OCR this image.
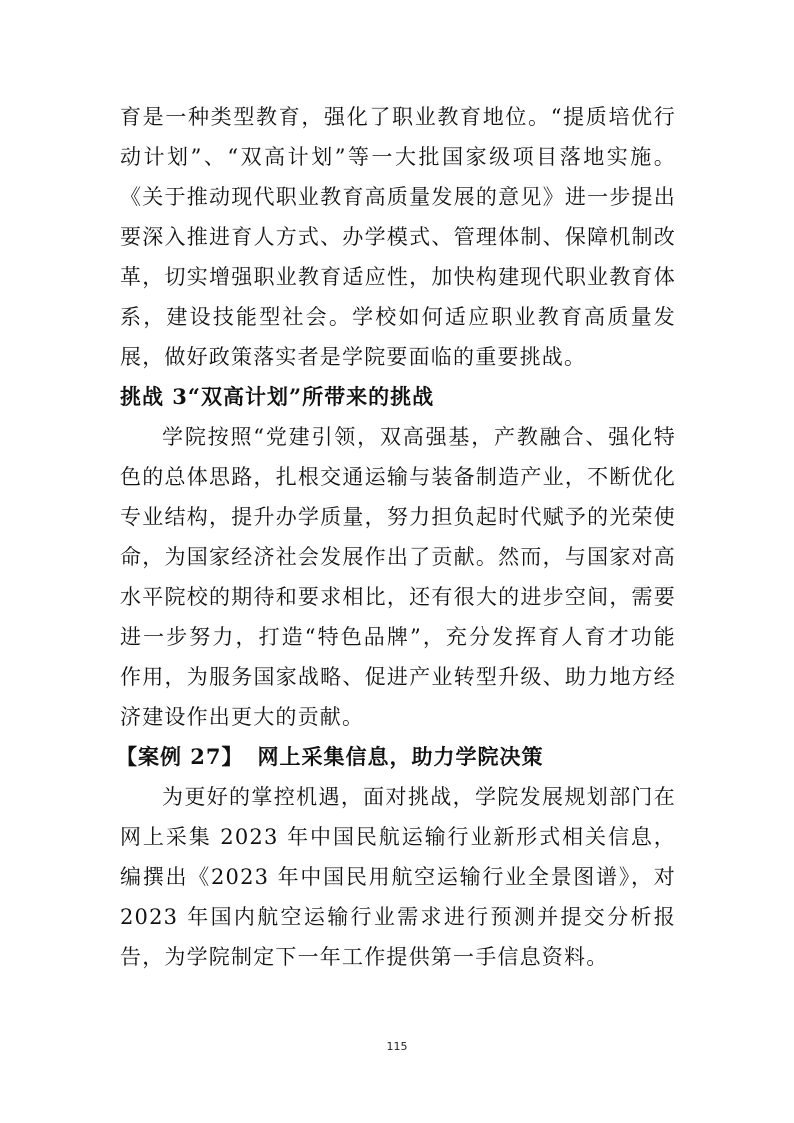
育是一种类型教育，强化了职业教育地位。“提质培优行动计划”、“双高计划”等一大批国家级项目落地实施。《关于推动现代职业教育高质量发展的意见》进一步提出要深入推进育人方式、办学模式、管理体制、保障机制改革，切实增强职业教育适应性，加快构建现代职业教育体系，建设技能型社会。学校如何适应职业教育高质量发展，做好政策落实者是学院要面临的重要挑战。

挑战 3“双高计划”所带来的挑战

学院按照“党建引领，双高强基，产教融合、强化特色的总体思路，扎根交通运输与装备制造产业，不断优化专业结构，提升办学质量，努力担负起时代赋予的光荣使命，为国家经济社会发展作出了贡献。然而，与国家对高水平院校的期待和要求相比，还有很大的进步空间，需要进一步努力，打造“特色品牌”，充分发挥育人育才功能作用，为服务国家战略、促进产业转型升级、助力地方经济建设作出更大的贡献。

【案例 27】 网上采集信息，助力学院决策

为更好的掌控机遇，面对挑战，学院发展规划部门在网上采集 2023 年中国民航运输行业新形式相关信息，编撰出《2023 年中国民用航空运输行业全景图谱》，对 2023 年国内航空运输行业需求进行预测并提交分析报告，为学院制定下一年工作提供第一手信息资料。

115
